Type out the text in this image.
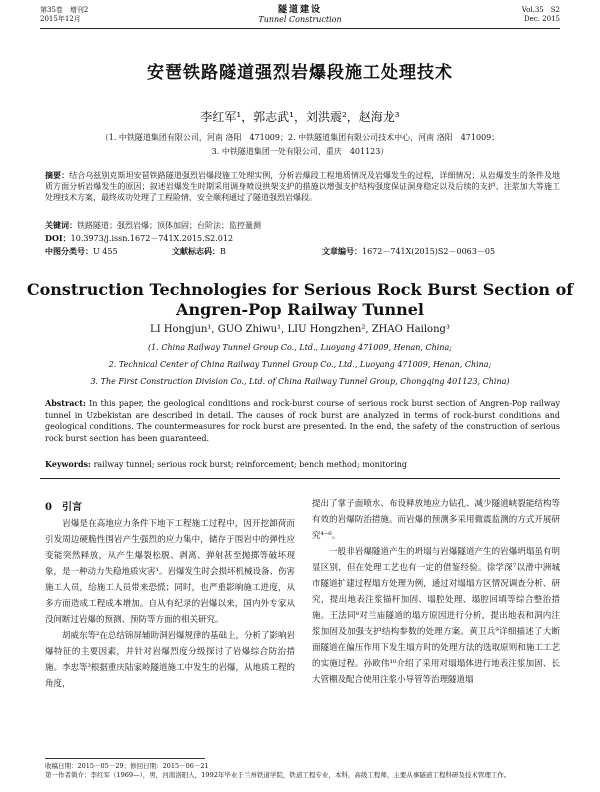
第35卷　增刊2
2015年12月
隧道建设
Tunnel Construction
Vol.35　S2
Dec. 2015
安琶铁路隧道强烈岩爆段施工处理技术
李红军¹，郭志武¹，刘洪震²，赵海龙³
（1. 中铁隧道集团有限公司，河南 洛阳　471009；2. 中铁隧道集团有限公司技术中心，河南 洛阳　471009；
3. 中铁隧道集团一处有限公司，重庆　401123）
摘要：结合乌兹别克斯坦安琶铁路隧道强烈岩爆段施工处理实例，分析岩爆段工程地质情况及岩爆发生的过程，详细情况；从岩爆发生的条件及地质方面分析岩爆发生的原因；叙述岩爆发生时期采用调身喷设拱架支护的措施以增强支护结构强度保证洞身稳定以及后续的支护、注浆加大等施工处理技术方案，最终成功处理了工程险情，安全顺利通过了隧道强烈岩爆段。
关键词：铁路隧道；强烈岩爆；顶体加固；台阶法；监控量测
DOI：10.3973/j.issn.1672－741X.2015.S2.012
中图分类号：U 455	文献标志码：B	文章编号：1672－741X(2015)S2－0063－05
Construction Technologies for Serious Rock Burst Section of
Angren-Pop Railway Tunnel
LI Hongjun¹, GUO Zhiwu¹, LIU Hongzhen², ZHAO Hailong³
(1. China Railway Tunnel Group Co., Ltd., Luoyang 471009, Henan, China;
2. Technical Center of China Railway Tunnel Group Co., Ltd., Luoyang 471009, Henan, China;
3. The First Construction Division Co., Ltd. of China Railway Tunnel Group, Chongqing 401123, China)
Abstract: In this paper, the geological conditions and rock-burst course of serious rock burst section of Angren-Pop railway tunnel in Uzbekistan are described in detail. The causes of rock burst are analyzed in terms of rock-burst conditions and geological conditions. The countermeasures for rock burst are presented. In the end, the safety of the construction of serious rock burst section has been guaranteed.
Keywords: railway tunnel; serious rock burst; reinforcement; bench method; monitoring
0　引言
　　岩爆是在高地应力条件下地下工程施工过程中，因开挖卸荷而引发周边硬脆性围岩产生强烈的应力集中，储存于围岩中的弹性应变能突然释放，从产生爆裂松脱、剥离、弹射甚至抛掷等破坏现象，是一种动力失稳地质灾害¹。岩爆发生时会损坏机械设备、伤害施工人员，给施工人员带来恐慌；同时，也严重影响施工进度，从多方面造成工程成本增加。自从有纪录的岩爆以来，国内外专家从没间断过岩爆的预测、预防等方面的相关研究。
　　胡威东等²在总结锦屏辅助洞岩爆规律的基础上，分析了影响岩爆特征的主要因素，并针对岩爆烈度分级探讨了岩爆综合防治措施。李忠等³根据重庆陆家岭隧道施工中发生的岩爆，从地质工程的角度，
提出了掌子面喷水、布设释放地应力钻孔、减少隧道峡裂能结构等有效的岩爆防治措施。而岩爆的预测多采用微震监测的方式开展研究⁴⁻⁶。
　　一般非岩爆隧道产生的坍塌与岩爆隧道产生的岩爆坍塌虽有明显区别，但在处理工艺也有一定的借鉴经验。徐学深⁷以滑中洲城市隧道扩建过程塌方处理为例，通过对塌塌方区情况调查分析、研究，提出地表注浆锚杆加固、塌腔处理、塌腔回填等综合整治措施。王法同⁸对兰庙隧道的塌方原因进行分析，提出地表和洞内注浆加固及加强支护结构参数的处理方案。黄卫兵⁹详细描述了大断面隧道在偏压作用下发生塌方时的处理方法的选取原则和施工工艺的实施过程。孙欧伟¹⁰介绍了采用对塌塌体进行地表注浆加固、长大管棚及配合使用注浆小导管等治理隧道塌
收稿日期：2015－05－29；修回日期：2015－06－21
第一作者简介：李红军（1969—），男，河南洛阳人，1992年毕业于兰州铁道学院，铁道工程专业，本科，高级工程师，主要从事隧道工程科研及技术管理工作。
